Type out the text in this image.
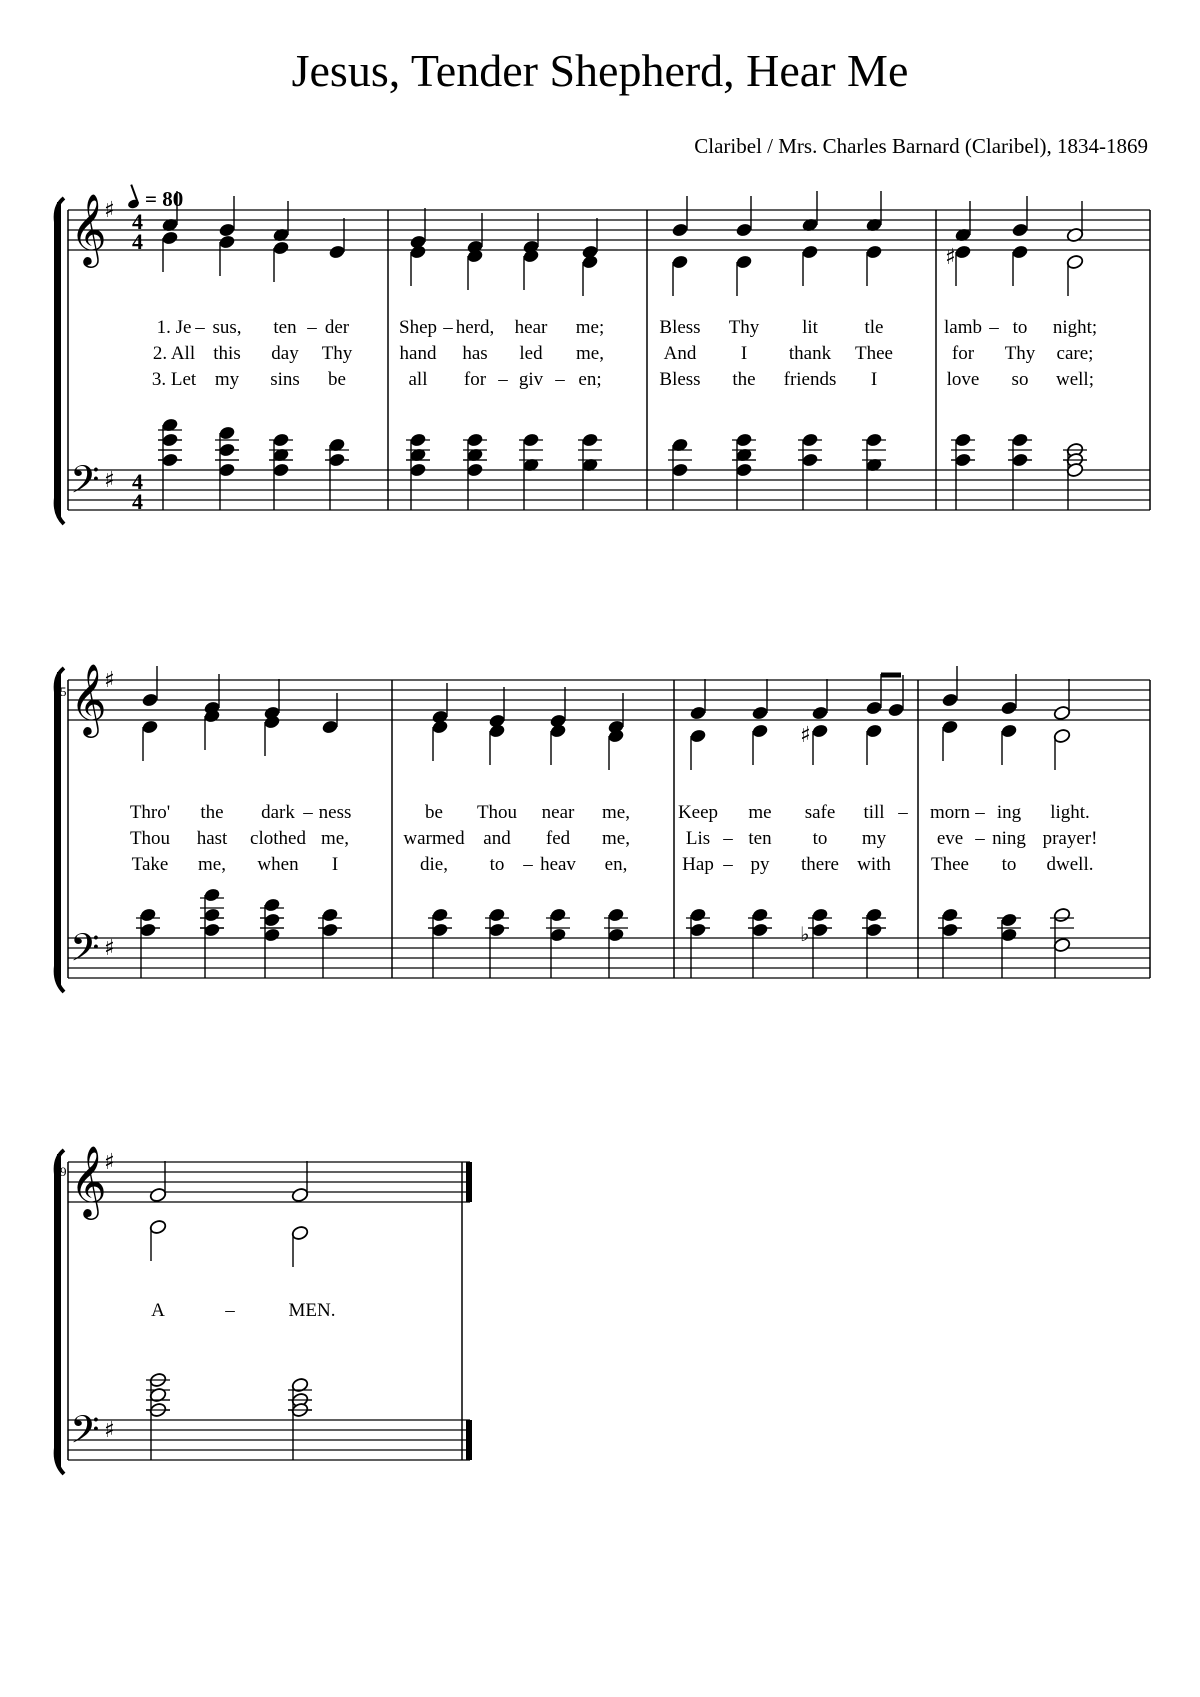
Jesus, Tender Shepherd, Hear Me
Claribel / Mrs. Charles Barnard (Claribel), 1834-1869
= 80
5
9
𝄞
𝄢
♯
♯
4
4
4
4
♯
𝄞
𝄢
♯
♯
♯
♭
𝄞
𝄢
♯
♯
1. Je sus, ten der	Shep herd, hear me;	Bless Thy lit tle	lamb to night;
2. All this day Thy hand has led me,	And I thank Thee	for Thy care;
3. Let my sins be	all for giv en;	Bless the friends I	love so well;
Thro' the dark ness	be Thou near me,	Keep me safe till morn ing light.
Thou hast clothed me,	warmed and fed me,	Lis ten to my	eve ning prayer!
Take me, when I	die, to heav en,	Hap py there with Thee to dwell.
A	MEN.
–	–	–	–
–	–
–	–	–
–	–
–	–
–
